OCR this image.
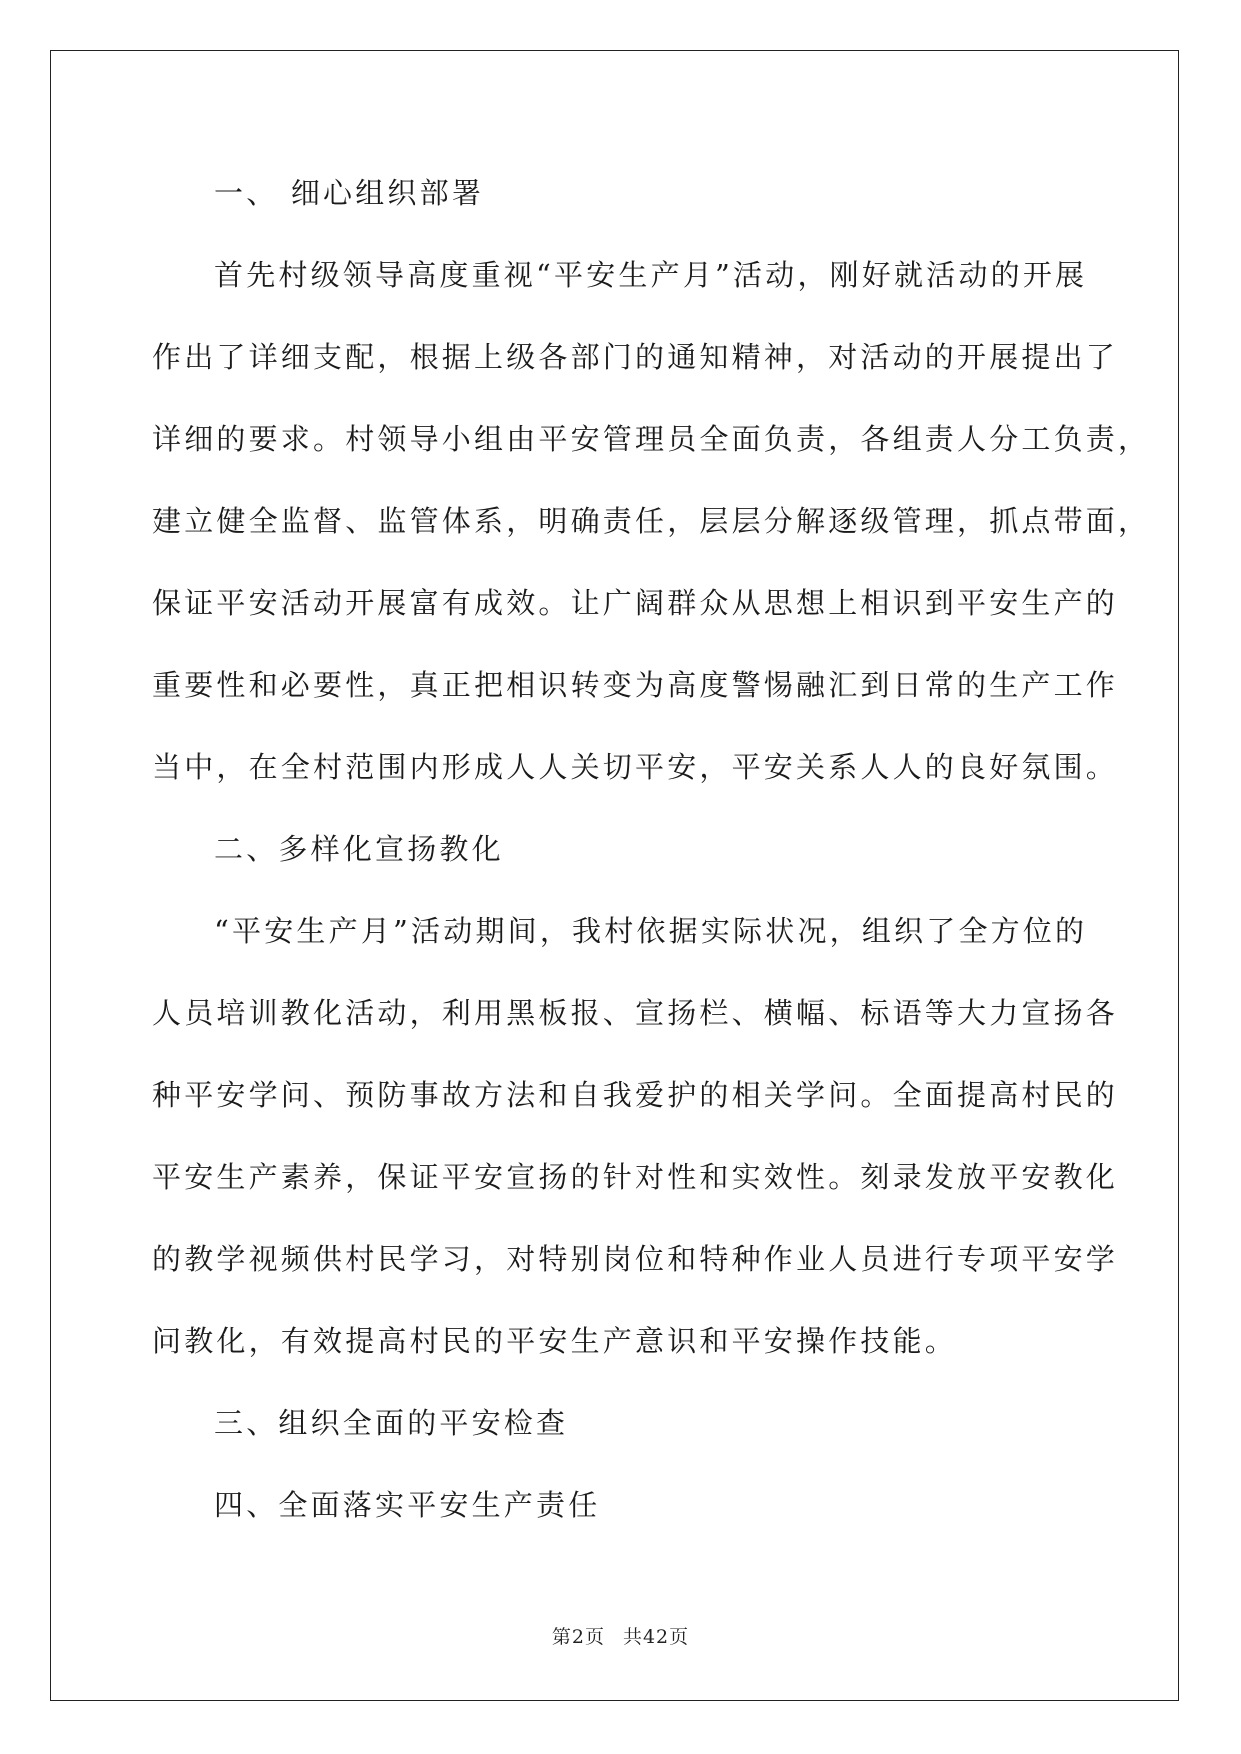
一、 细心组织部署
首先村级领导高度重视“平安生产月”活动，刚好就活动的开展
作出了详细支配，根据上级各部门的通知精神，对活动的开展提出了
详细的要求。村领导小组由平安管理员全面负责，各组责人分工负责，
建立健全监督、监管体系，明确责任，层层分解逐级管理，抓点带面，
保证平安活动开展富有成效。让广阔群众从思想上相识到平安生产的
重要性和必要性，真正把相识转变为高度警惕融汇到日常的生产工作
当中，在全村范围内形成人人关切平安，平安关系人人的良好氛围。
二、多样化宣扬教化
“平安生产月”活动期间，我村依据实际状况，组织了全方位的
人员培训教化活动，利用黑板报、宣扬栏、横幅、标语等大力宣扬各
种平安学问、预防事故方法和自我爱护的相关学问。全面提高村民的
平安生产素养，保证平安宣扬的针对性和实效性。刻录发放平安教化
的教学视频供村民学习，对特别岗位和特种作业人员进行专项平安学
问教化，有效提高村民的平安生产意识和平安操作技能。
三、组织全面的平安检查
四、全面落实平安生产责任
第2页 共42页
